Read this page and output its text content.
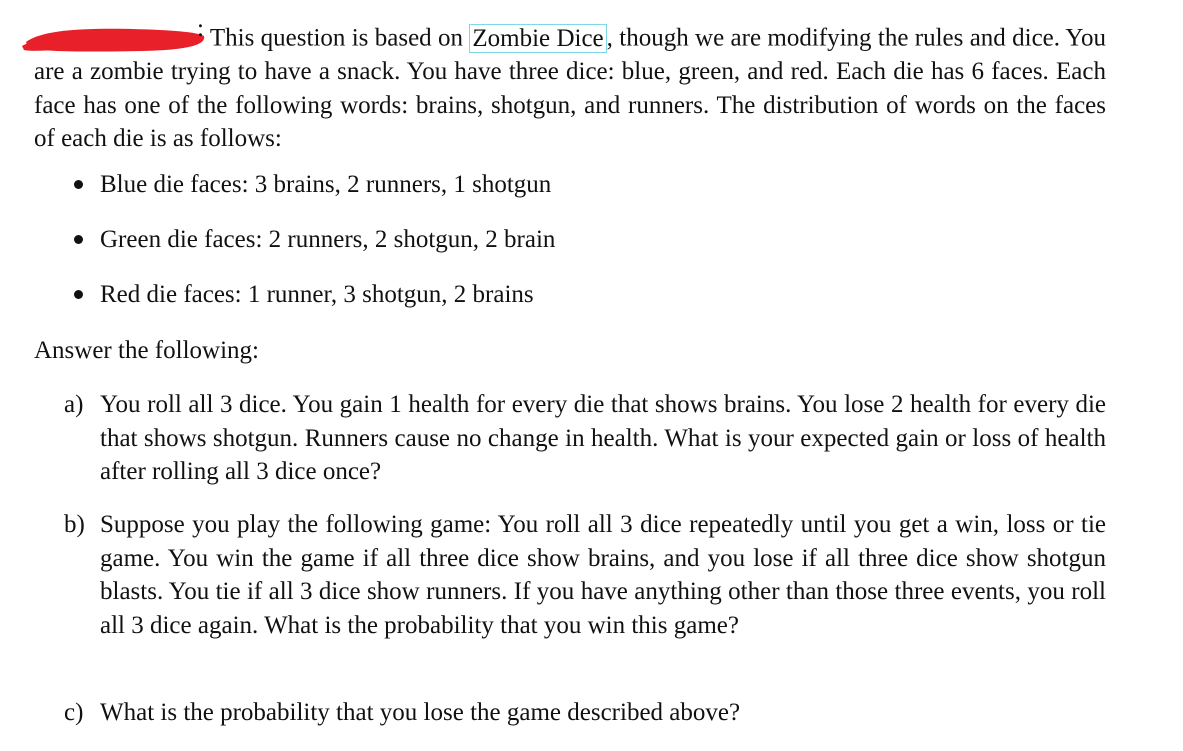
: This question is based on Zombie Dice , though we are modifying the rules and dice. You are a zombie trying to have a snack. You have three dice: blue, green, and red. Each die has 6 faces. Each face has one of the following words: brains, shotgun, and runners. The distribution of words on the faces of each die is as follows:
Blue die faces: 3 brains, 2 runners, 1 shotgun
Green die faces: 2 runners, 2 shotgun, 2 brain
Red die faces: 1 runner, 3 shotgun, 2 brains
Answer the following:
a) You roll all 3 dice. You gain 1 health for every die that shows brains. You lose 2 health for every die that shows shotgun. Runners cause no change in health. What is your expected gain or loss of health after rolling all 3 dice once?
b) Suppose you play the following game: You roll all 3 dice repeatedly until you get a win, loss or tie game. You win the game if all three dice show brains, and you lose if all three dice show shotgun blasts. You tie if all 3 dice show runners. If you have anything other than those three events, you roll all 3 dice again. What is the probability that you win this game?
c) What is the probability that you lose the game described above?
